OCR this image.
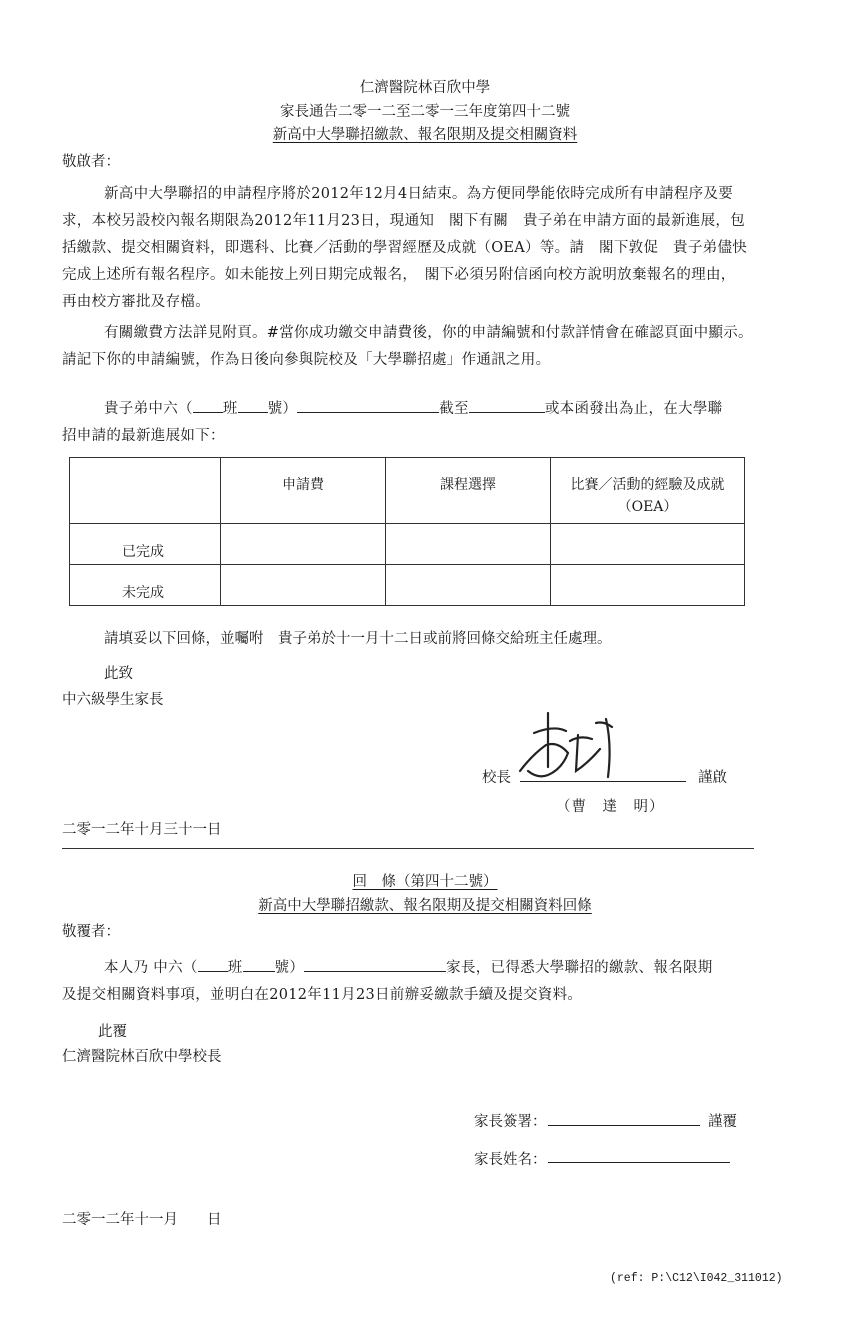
仁濟醫院林百欣中學
家長通告二零一二至二零一三年度第四十二號
新高中大學聯招繳款、報名限期及提交相關資料
敬啟者：
新高中大學聯招的申請程序將於2012年12月4日結束。為方便同學能依時完成所有申請程序及要
求，本校另設校內報名期限為2012年11月23日，現通知　閣下有關　貴子弟在申請方面的最新進展，包
括繳款、提交相關資料，即選科、比賽／活動的學習經歷及成就（OEA）等。請　閣下敦促　貴子弟儘快
完成上述所有報名程序。如未能按上列日期完成報名，　閣下必須另附信函向校方說明放棄報名的理由，
再由校方審批及存檔。
有關繳費方法詳見附頁。#當你成功繳交申請費後，你的申請編號和付款詳情會在確認頁面中顯示。
請記下你的申請編號，作為日後向參與院校及「大學聯招處」作通訊之用。
貴子弟中六（ 班 號）	截至	或本函發出為止，在大學聯
招申請的最新進展如下：
	申請費	課程選擇	比賽／活動的經驗及成就
（OEA）

已完成			
未完成			
請填妥以下回條，並囑咐　貴子弟於十一月十二日或前將回條交給班主任處理。
此致
中六級學生家長
校長	謹啟
（曹　達　明）
二零一二年十月三十一日
回　條（第四十二號）
新高中大學聯招繳款、報名限期及提交相關資料回條
敬覆者：
本人乃 中六（ 班 號）	家長，已得悉大學聯招的繳款、報名限期
及提交相關資料事項，並明白在2012年11月23日前辦妥繳款手續及提交資料。
此覆
仁濟醫院林百欣中學校長
家長簽署：	謹覆
家長姓名：
二零一二年十一月　　日
(ref: P:\C12\I042_311012)
